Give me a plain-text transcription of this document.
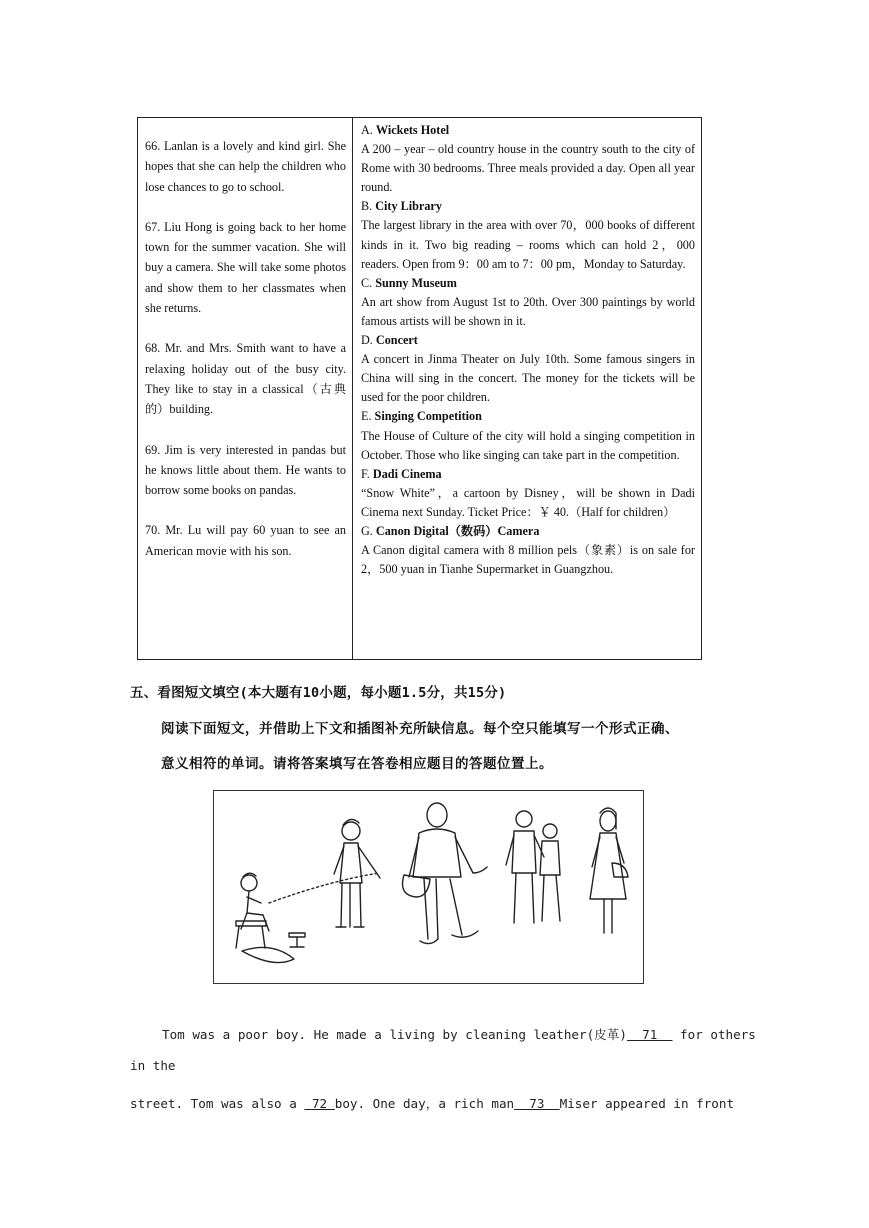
66. Lanlan is a lovely and kind girl. She hopes that she can help the children who lose chances to go to school.

67. Liu Hong is going back to her home town for the summer vacation. She will buy a camera. She will take some photos and show them to her classmates when she returns.

68. Mr. and Mrs. Smith want to have a relaxing holiday out of the busy city. They like to stay in a classical（古典的）building.

69. Jim is very interested in pandas but he knows little about them. He wants to borrow some books on pandas.

70. Mr. Lu will pay 60 yuan to see an American movie with his son.

A. Wickets Hotel

A 200 – year – old country house in the country south to the city of Rome with 30 bedrooms. Three meals provided a day. Open all year round.

B. City Library

The largest library in the area with over 70，000 books of different kinds in it. Two big reading – rooms which can hold 2，000 readers. Open from 9：00 am to 7：00 pm，Monday to Saturday.

C. Sunny Museum

An art show from August 1st to 20th. Over 300 paintings by world famous artists will be shown in it.

D. Concert

A concert in Jinma Theater on July 10th. Some famous singers in China will sing in the concert. The money for the tickets will be used for the poor children.

E. Singing Competition

The House of Culture of the city will hold a singing competition in October. Those who like singing can take part in the competition.

F. Dadi Cinema

“Snow White”，a cartoon by Disney，will be shown in Dadi Cinema next Sunday. Ticket Price：￥ 40.（Half for children）

G. Canon Digital（数码）Camera

A Canon digital camera with 8 million pels（象素）is on sale for 2，500 yuan in Tianhe Supermarket in Guangzhou.

五、看图短文填空(本大题有10小题，每小题1.5分，共15分)
阅读下面短文，并借助上下文和插图补充所缺信息。每个空只能填写一个形式正确、
意义相符的单词。请将答案填写在答卷相应题目的答题位置上。
Tom was a poor boy. He made a living by cleaning leather(皮革)  71   for others
in the
street. Tom was also a  72 boy. One day，a rich man  73  Miser appeared in front
